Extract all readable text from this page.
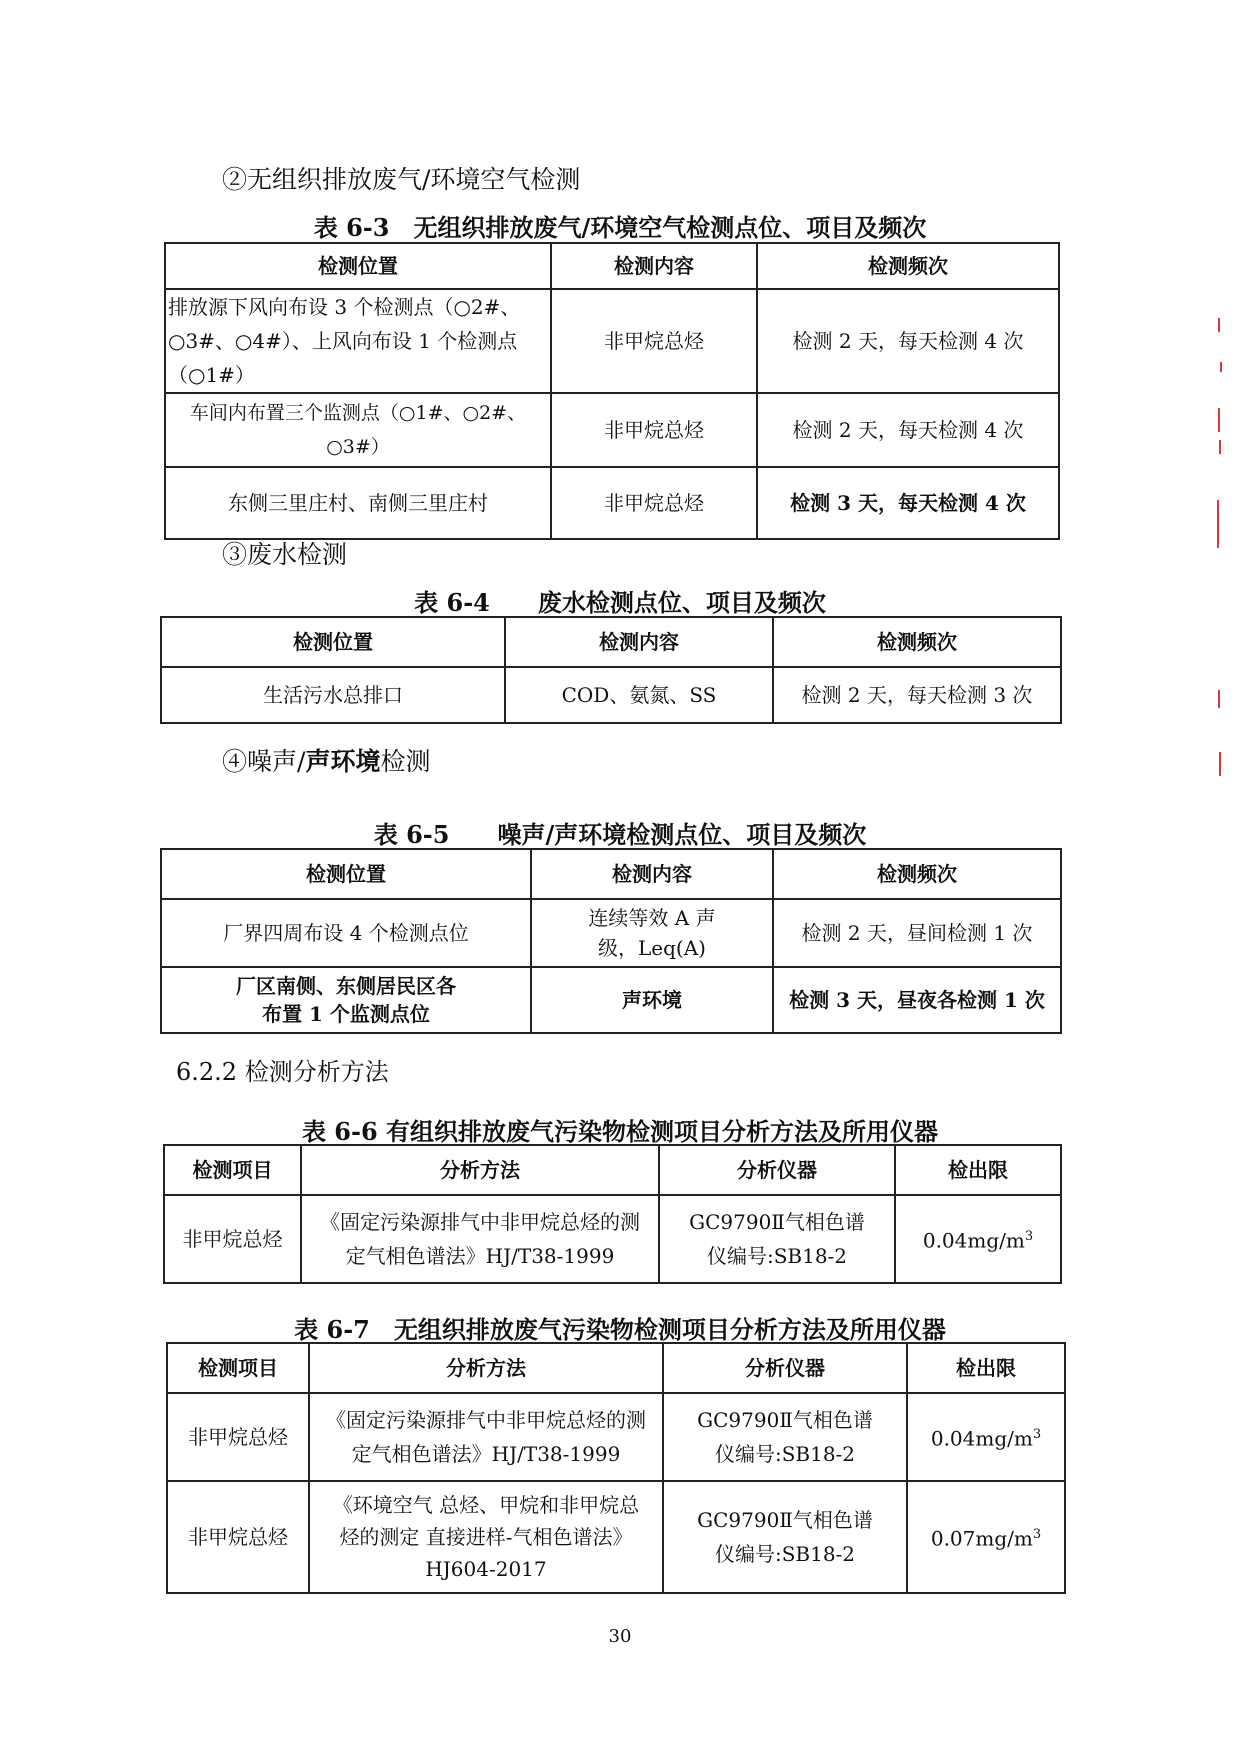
②无组织排放废气/环境空气检测
表 6-3　无组织排放废气/环境空气检测点位、项目及频次
检测位置	检测内容	检测频次
排放源下风向布设 3 个检测点（○2#、○3#、○4#）、上风向布设 1 个检测点（○1#）	非甲烷总烃	检测 2 天，每天检测 4 次
车间内布置三个监测点（○1#、○2#、○3#）	非甲烷总烃	检测 2 天，每天检测 4 次
东侧三里庄村、南侧三里庄村	非甲烷总烃	检测 3 天，每天检测 4 次
③废水检测
表 6-4　　废水检测点位、项目及频次
检测位置	检测内容	检测频次
生活污水总排口	COD、氨氮、SS	检测 2 天，每天检测 3 次
④噪声/声环境检测
表 6-5　　噪声/声环境检测点位、项目及频次
检测位置	检测内容	检测频次
厂界四周布设 4 个检测点位	连续等效 A 声级，Leq(A)	检测 2 天，昼间检测 1 次
厂区南侧、东侧居民区各布置 1 个监测点位	声环境	检测 3 天，昼夜各检测 1 次
6.2.2 检测分析方法
表 6-6 有组织排放废气污染物检测项目分析方法及所用仪器
检测项目	分析方法	分析仪器	检出限
非甲烷总烃	《固定污染源排气中非甲烷总烃的测定气相色谱法》HJ/T38-1999	GC9790Ⅱ气相色谱仪编号:SB18-2	$0.04mg/m^3$
表 6-7　无组织排放废气污染物检测项目分析方法及所用仪器
检测项目	分析方法	分析仪器	检出限
非甲烷总烃	《固定污染源排气中非甲烷总烃的测定气相色谱法》HJ/T38-1999	GC9790Ⅱ气相色谱仪编号:SB18-2	$0.04mg/m^3$
非甲烷总烃	《环境空气 总烃、甲烷和非甲烷总烃的测定 直接进样-气相色谱法》HJ604-2017	GC9790Ⅱ气相色谱仪编号:SB18-2	$0.07mg/m^3$
30
